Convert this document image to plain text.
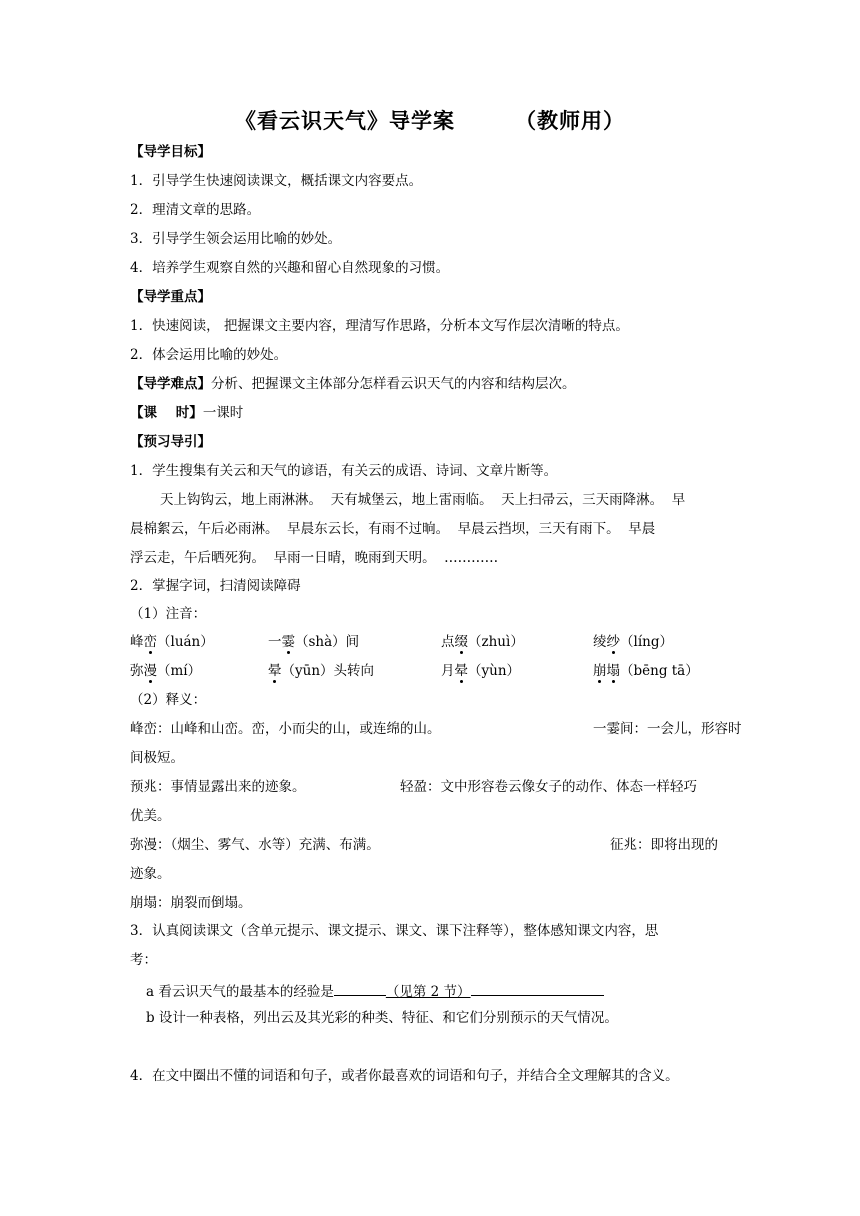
《看云识天气》导学案	（教师用）
【导学目标】
1．引导学生快速阅读课文，概括课文内容要点。
2．理清文章的思路。
3．引导学生领会运用比喻的妙处。
4．培养学生观察自然的兴趣和留心自然现象的习惯。
【导学重点】
1．快速阅读， 把握课文主要内容，理清写作思路，分析本文写作层次清晰的特点。
2．体会运用比喻的妙处。
【导学难点】分析、把握课文主体部分怎样看云识天气的内容和结构层次。
【课    时】一课时
【预习导引】
1．学生搜集有关云和天气的谚语，有关云的成语、诗词、文章片断等。
天上钩钩云，地上雨淋淋。  天有城堡云，地上雷雨临。  天上扫帚云，三天雨降淋。  早
晨棉絮云，午后必雨淋。  早晨东云长，有雨不过晌。  早晨云挡坝，三天有雨下。  早晨
浮云走，午后晒死狗。  早雨一日晴，晚雨到天明。  …………
2．掌握字词，扫清阅读障碍
（1）注音：
峰峦（luán）	一霎（shà）间	点缀（zhuì）	绫纱（líng）
弥漫（mí）	晕（yūn）头转向	月晕（yùn）	崩塌（bēng tā）
（2）释义：
峰峦：山峰和山峦。峦，小而尖的山，或连绵的山。	一霎间：一会儿，形容时
间极短。
预兆：事情显露出来的迹象。	轻盈：文中形容卷云像女子的动作、体态一样轻巧
优美。
弥漫：（烟尘、雾气、水等）充满、布满。	征兆：即将出现的
迹象。
崩塌：崩裂而倒塌。
3．认真阅读课文（含单元提示、课文提示、课文、课下注释等），整体感知课文内容，思
考：
a 看云识天气的最基本的经验是	（见第 2 节）
b 设计一种表格，列出云及其光彩的种类、特征、和它们分别预示的天气情况。
4．在文中圈出不懂的词语和句子，或者你最喜欢的词语和句子，并结合全文理解其的含义。
